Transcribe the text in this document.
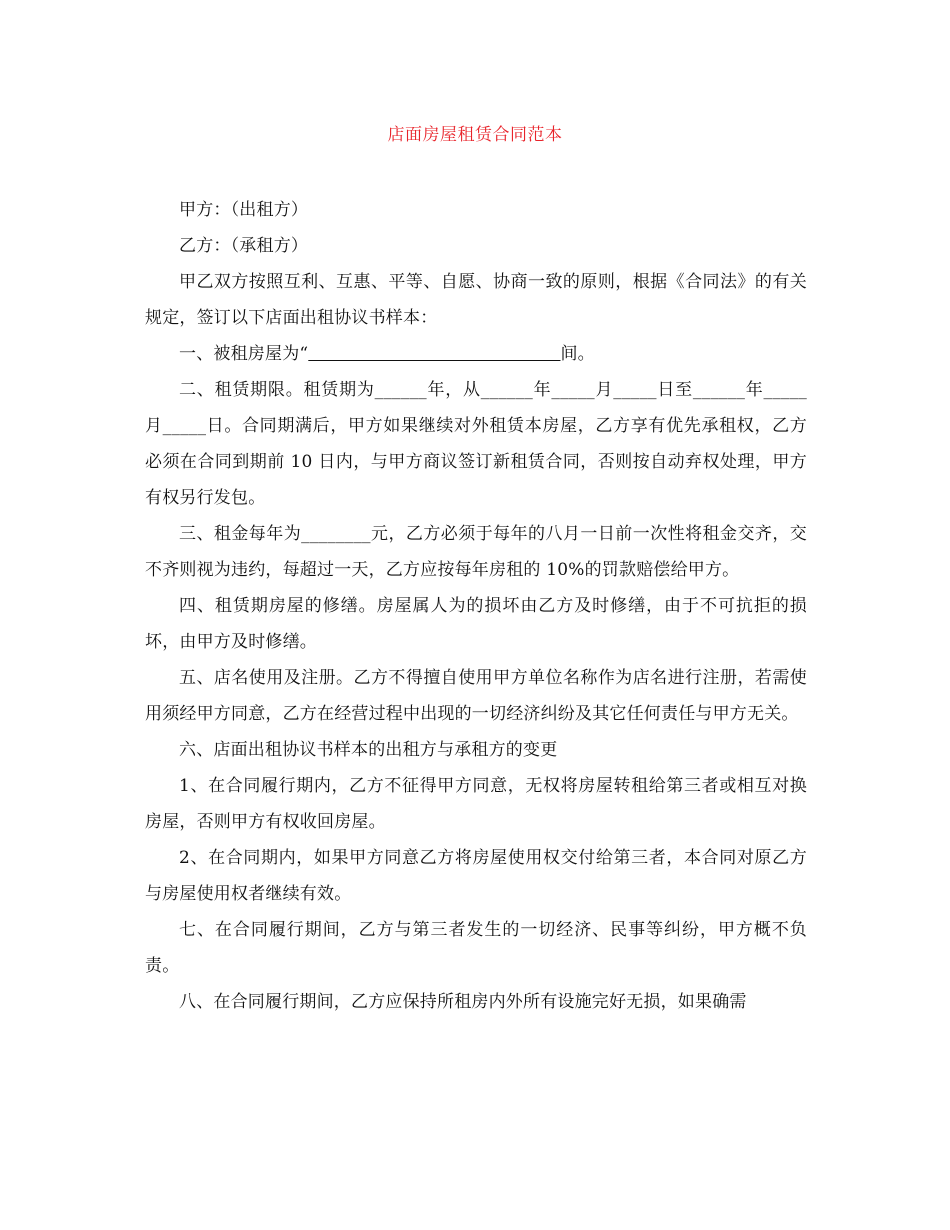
店面房屋租赁合同范本

甲方：（出租方）

乙方：（承租方）

甲乙双方按照互利、互惠、平等、自愿、协商一致的原则，根据《合同法》的有关规定，签订以下店面出租协议书样本：

一、被租房屋为“	间。

二、租赁期限。租赁期为______年，从______年_____月_____日至______年_____月_____日。合同期满后，甲方如果继续对外租赁本房屋，乙方享有优先承租权，乙方必须在合同到期前 10 日内，与甲方商议签订新租赁合同，否则按自动弃权处理，甲方有权另行发包。

三、租金每年为________元，乙方必须于每年的八月一日前一次性将租金交齐，交不齐则视为违约，每超过一天，乙方应按每年房租的 10%的罚款赔偿给甲方。

四、租赁期房屋的修缮。房屋属人为的损坏由乙方及时修缮，由于不可抗拒的损坏，由甲方及时修缮。

五、店名使用及注册。乙方不得擅自使用甲方单位名称作为店名进行注册，若需使用须经甲方同意，乙方在经营过程中出现的一切经济纠纷及其它任何责任与甲方无关。

六、店面出租协议书样本的出租方与承租方的变更

1、在合同履行期内，乙方不征得甲方同意，无权将房屋转租给第三者或相互对换房屋，否则甲方有权收回房屋。

2、在合同期内，如果甲方同意乙方将房屋使用权交付给第三者，本合同对原乙方与房屋使用权者继续有效。

七、在合同履行期间，乙方与第三者发生的一切经济、民事等纠纷，甲方概不负责。

八、在合同履行期间，乙方应保持所租房内外所有设施完好无损，如果确需
